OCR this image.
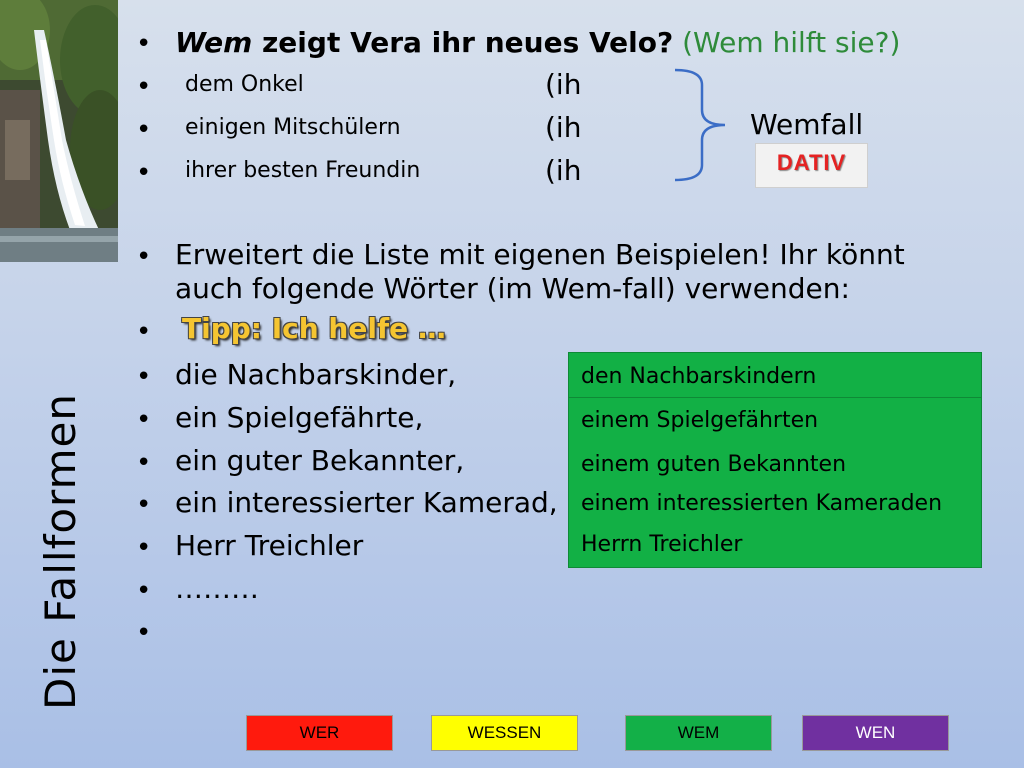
Die Fallformen
• Wem zeigt Vera ihr neues Velo? (Wem hilft sie?)
• dem Onkel	(ih
• einigen Mitschülern	(ih
• ihrer besten Freundin	(ih
Wemfall
DATIV
• Erweitert die Liste mit eigenen Beispielen! Ihr könnt
auch folgende Wörter (im Wem-fall) verwenden:
• Tipp: Ich helfe …
• die Nachbarskinder,
• ein Spielgefährte,
• ein guter Bekannter,
• ein interessierter Kamerad,
• Herr Treichler
• ………
•
den Nachbarskindern
einem Spielgefährten
einem guten Bekannten
einem interessierten Kameraden
Herrn Treichler
WER	WESSEN	WEM	WEN
